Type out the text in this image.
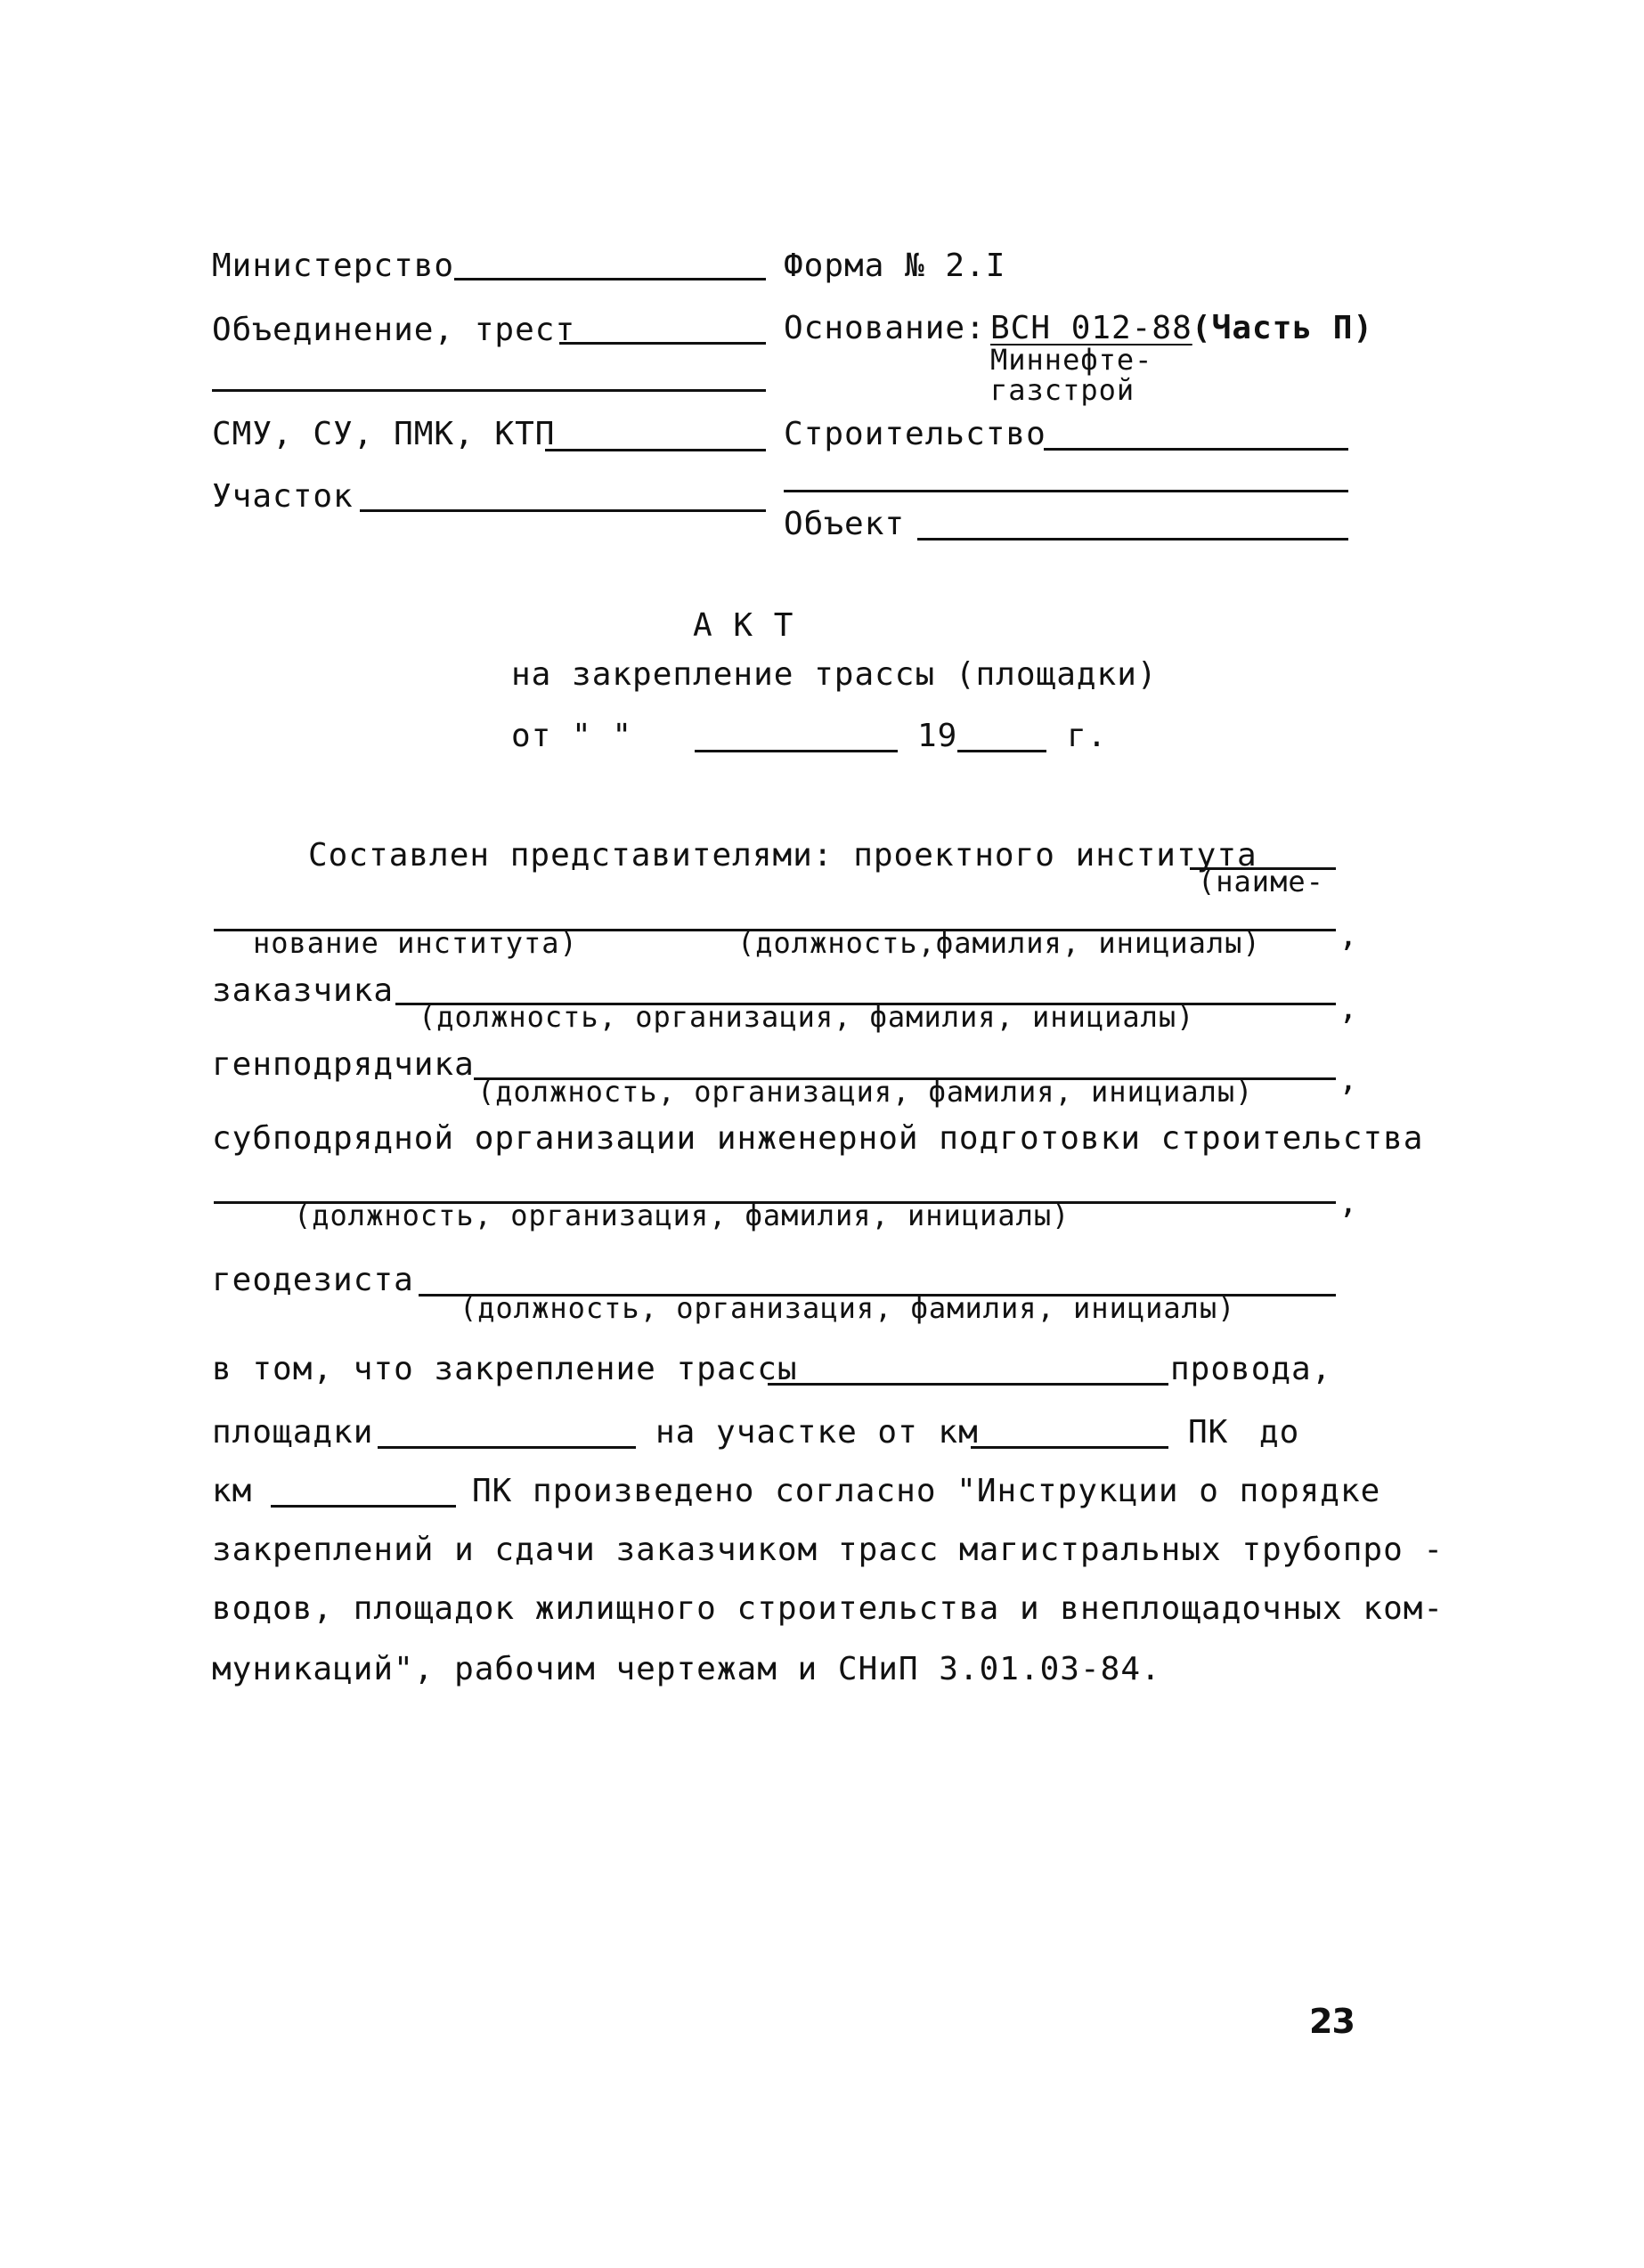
Министерство
Объединение, трест
СМУ, СУ, ПМК, КТП
Участок
Форма № 2.I
Основание: ВСН 012-88 (Часть П)
Миннефте-
газстрой
Строительство
Объект
А К Т
на закрепление трассы (площадки)
от " "	19	г.
Составлен представителями: проектного института
(наиме-
нование института)	(должность,фамилия, инициалы) ,
заказчика
(должность, организация, фамилия, инициалы)	,
генподрядчика
(должность, организация, фамилия, инициалы)	,
субподрядной организации инженерной подготовки строительства
(должность, организация, фамилия, инициалы)	,
геодезиста
(должность, организация, фамилия, инициалы)
в том, что закрепление трассы	провода,
площадки	на участке от км	ПК до
км	ПК произведено согласно "Инструкции о порядке
закреплений и сдачи заказчиком трасс магистральных трубопро -
водов, площадок жилищного строительства и внеплощадочных ком-
муникаций", рабочим чертежам и СНиП 3.01.03-84.
23
